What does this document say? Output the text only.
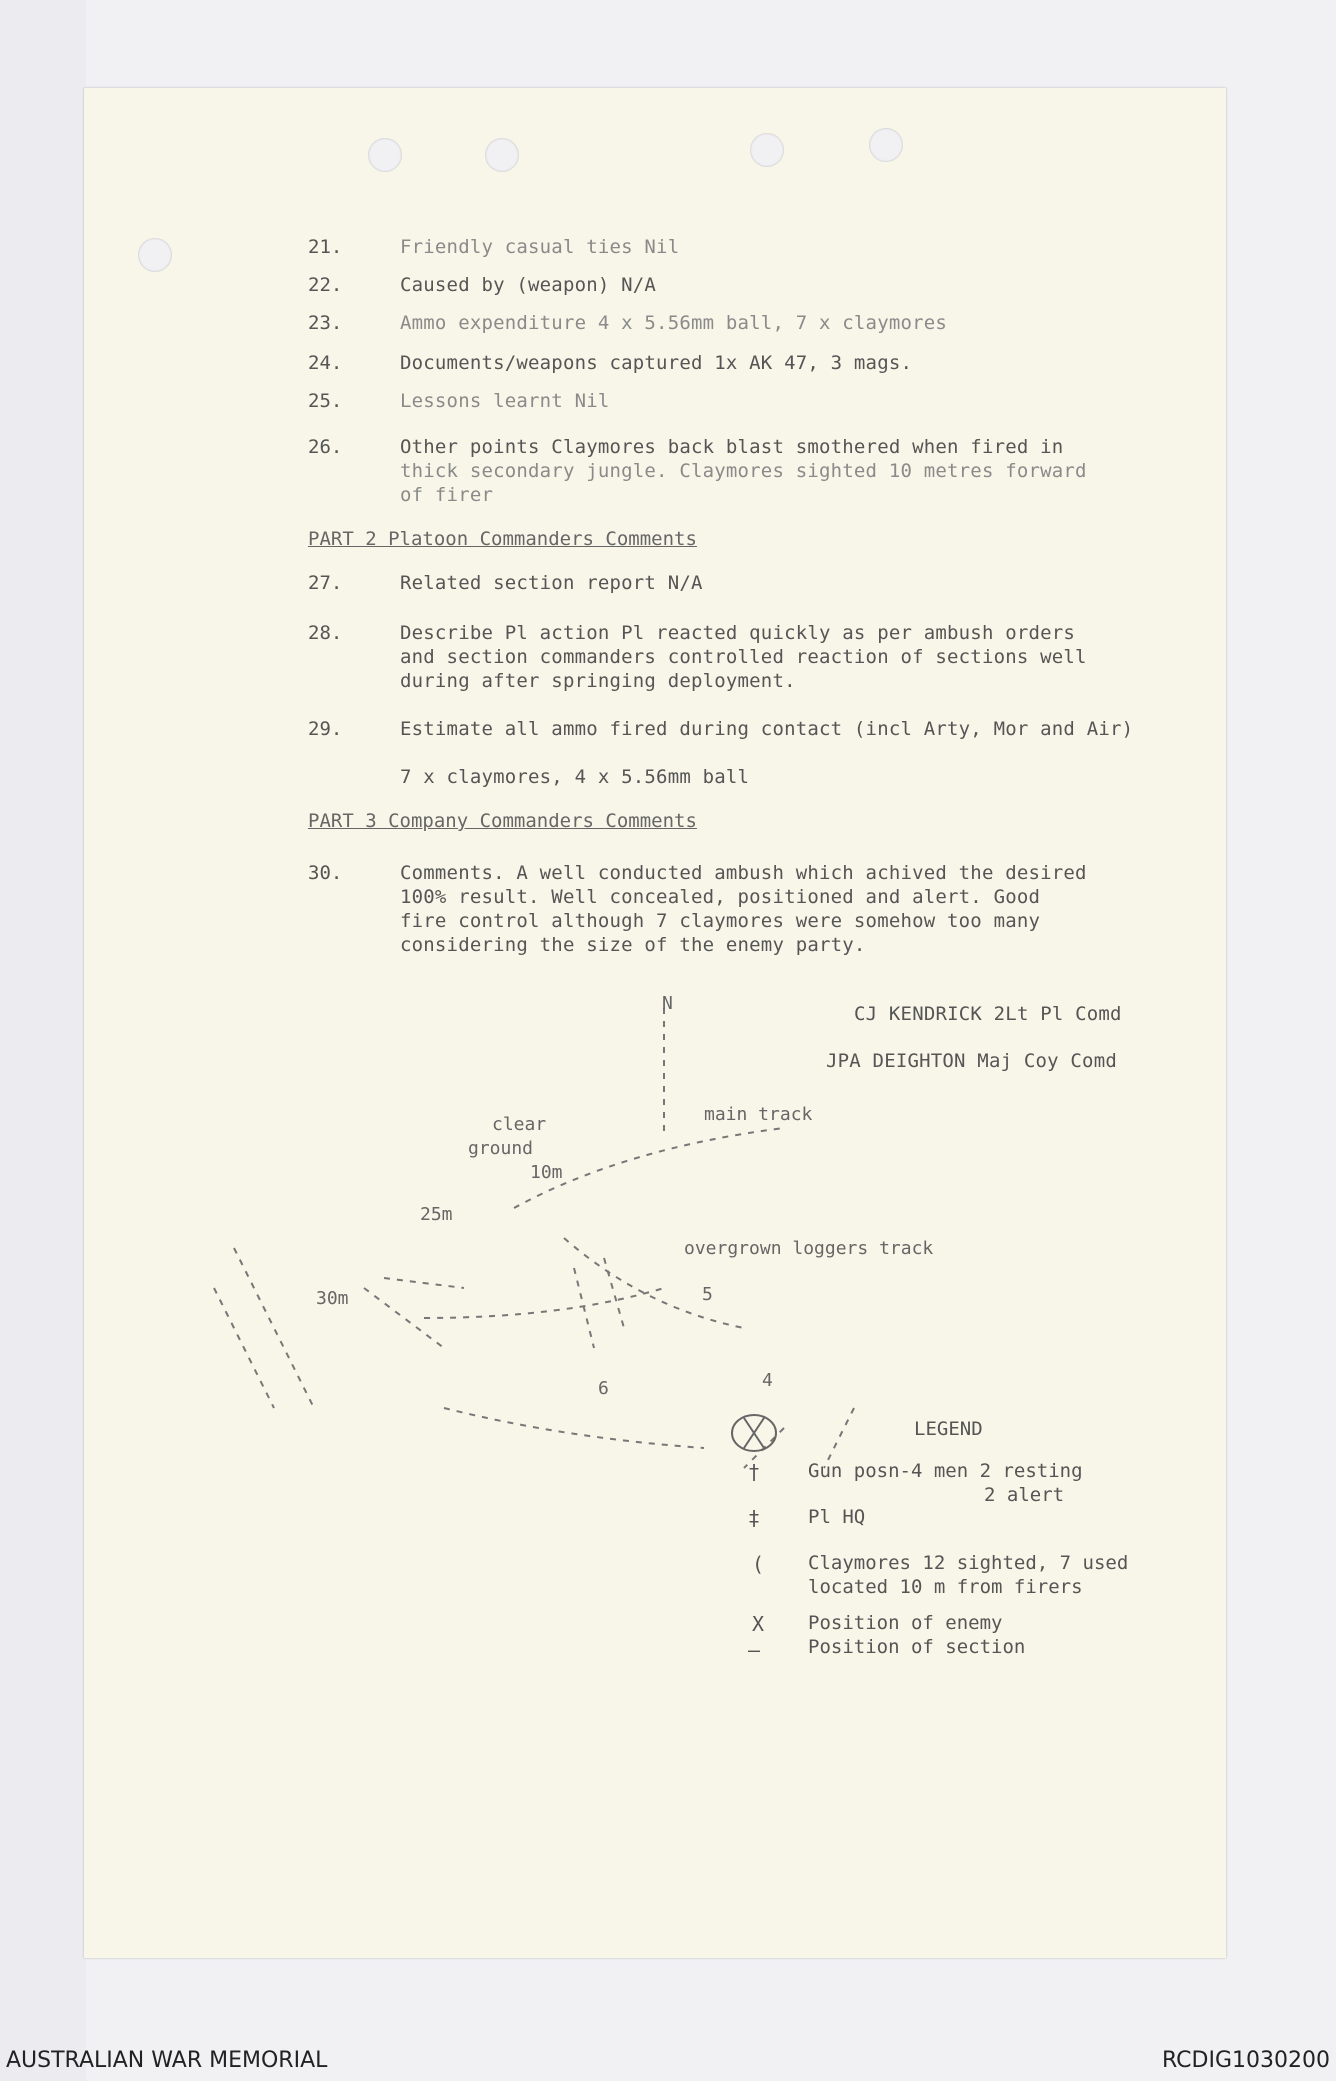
21.	Friendly casual ties Nil
22.	Caused by (weapon) N/A
23.	Ammo expenditure 4 x 5.56mm ball, 7 x claymores
24.	Documents/weapons captured 1x AK 47, 3 mags.
25.	Lessons learnt Nil
26.	Other points Claymores back blast smothered when fired in
thick secondary jungle. Claymores sighted 10 metres forward
of firer
PART 2 Platoon Commanders Comments
27.	Related section report N/A
28.	Describe Pl action Pl reacted quickly as per ambush orders
and section commanders controlled reaction of sections well
during after springing deployment.
29.	Estimate all ammo fired during contact (incl Arty, Mor and Air)
7 x claymores, 4 x 5.56mm ball
PART 3 Company Commanders Comments
30.	Comments. A well conducted ambush which achived the desired
100% result. Well concealed, positioned and alert. Good
fire control although 7 claymores were somehow too many
considering the size of the enemy party.
CJ KENDRICK 2Lt Pl Comd
JPA DEIGHTON Maj Coy Comd
N
clear
ground
main track
overgrown loggers track
10m
25m
30m	5
4
6
LEGEND
†	Gun posn-4 men 2 resting
2 alert
‡	Pl HQ
( Claymores 12 sighted, 7 used
located 10 m from firers
X Position of enemy
—	Position of section
AUSTRALIAN WAR MEMORIAL	RCDIG1030200
